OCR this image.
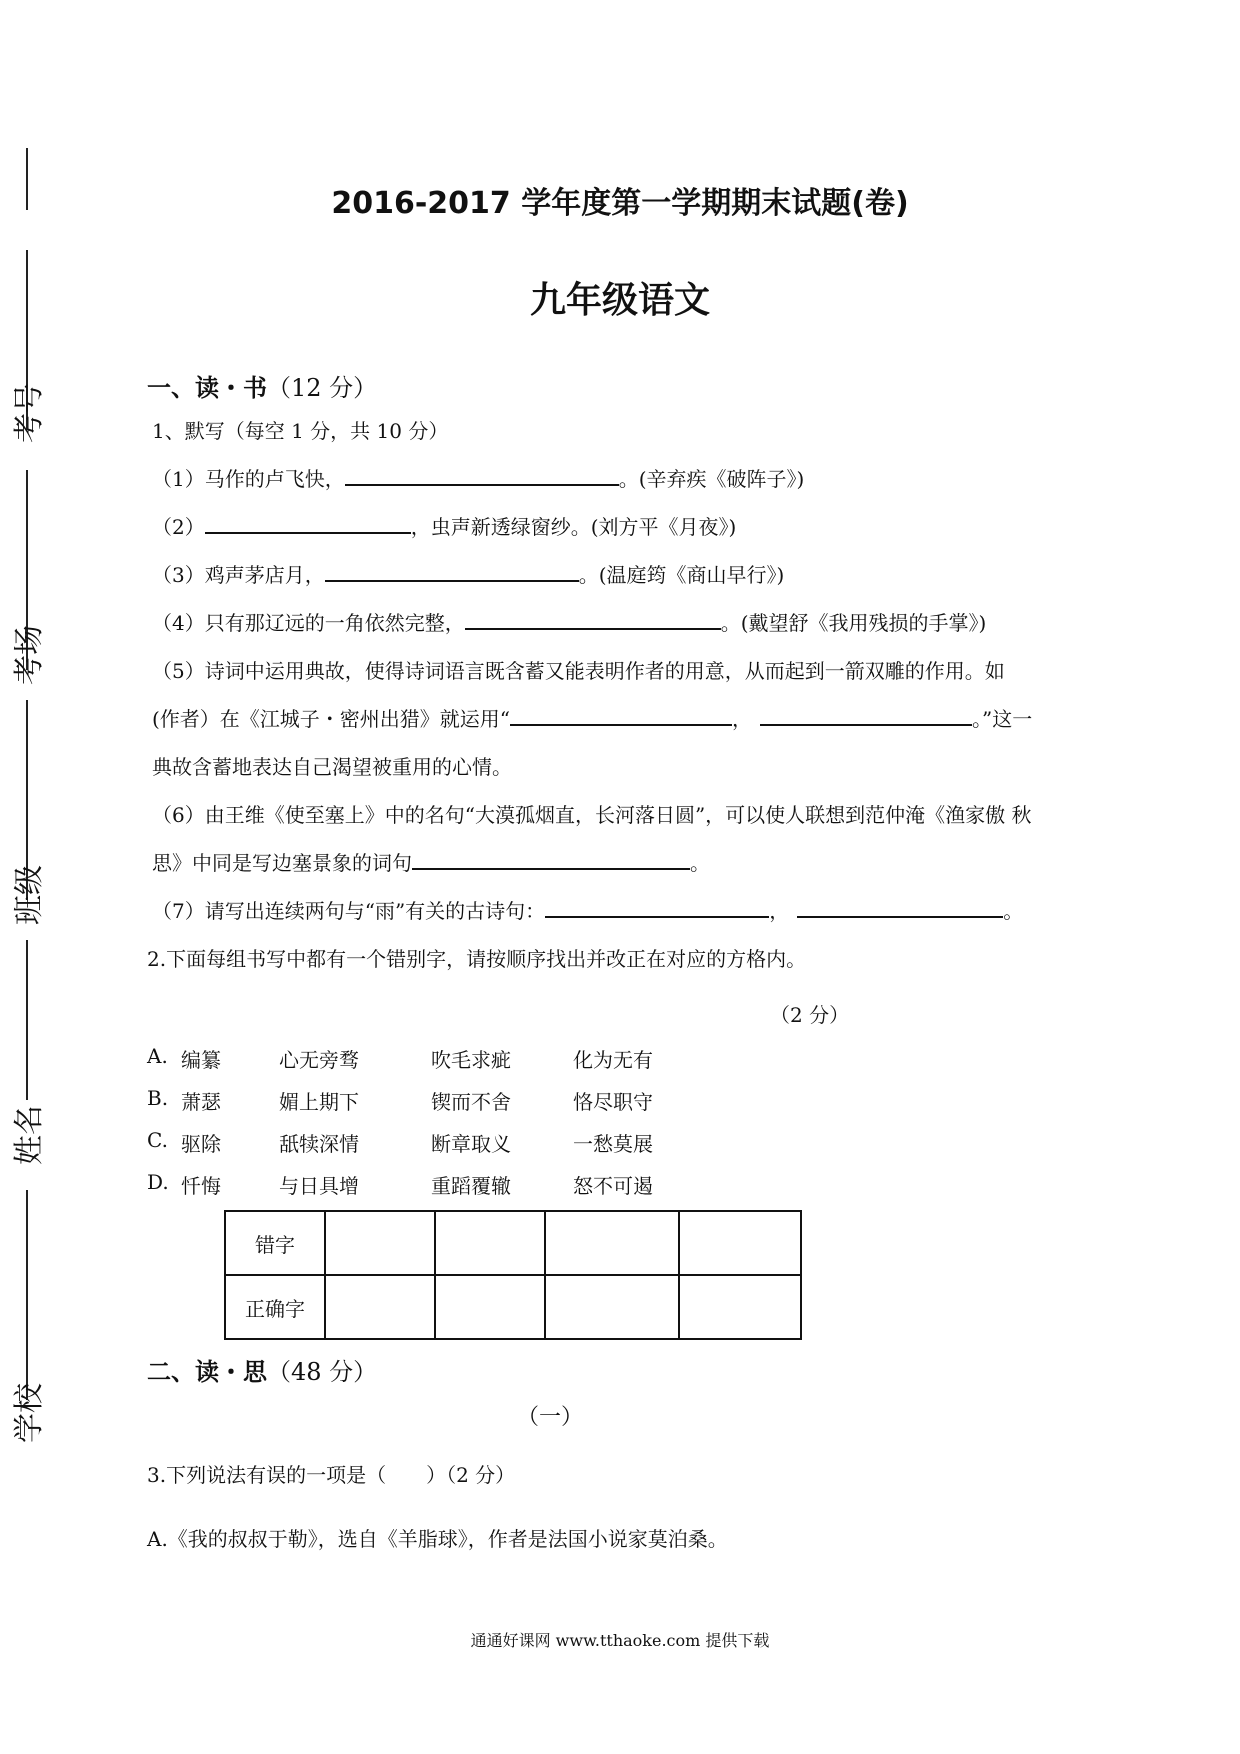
考号
考场
班级
姓名
学校
2016-2017 学年度第一学期期末试题(卷)
九年级语文
一、读・书（12 分）
1、默写（每空 1 分，共 10 分）
（1）马作的卢飞快，	。(辛弃疾《破阵子》)
（2）	，虫声新透绿窗纱。(刘方平《月夜》)
（3）鸡声茅店月，	。(温庭筠《商山早行》)
（4）只有那辽远的一角依然完整，	。(戴望舒《我用残损的手掌》)
（5）诗词中运用典故，使得诗词语言既含蓄又能表明作者的用意，从而起到一箭双雕的作用。如
(作者）在《江城子・密州出猎》就运用“	，	。”这一
典故含蓄地表达自己渴望被重用的心情。
（6）由王维《使至塞上》中的名句“大漠孤烟直，长河落日圆”，可以使人联想到范仲淹《渔家傲 秋
思》中同是写边塞景象的词句	。
（7）请写出连续两句与“雨”有关的古诗句：	，	。
2.下面每组书写中都有一个错别字，请按顺序找出并改正在对应的方格内。
（2 分）
A. 编纂	心无旁骛	吹毛求疵	化为无有
B. 萧瑟	媚上期下	锲而不舍	恪尽职守
C. 驱除	舐犊深情	断章取义	一愁莫展
D. 忏悔	与日具增	重蹈覆辙	怒不可遏
错字				
正确字				
二、读・思（48 分）
（一）
3.下列说法有误的一项是（　　）（2 分）
A.《我的叔叔于勒》，选自《羊脂球》，作者是法国小说家莫泊桑。
通通好课网 www.tthaoke.com 提供下载
